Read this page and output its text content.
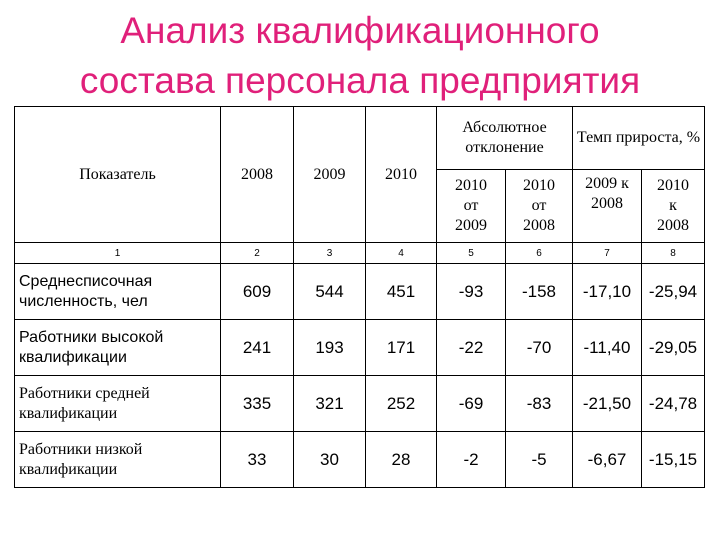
Анализ квалификационного
состава персонала предприятия
Показатель	2008	2009	2010	Абсолютное отклонение		Темп прироста, %	

				2010 от 2009	2010 от 2008	2009 к 2008	2010 к 2008

1	2	3	4	5	6	7	8
Среднесписочная численность, чел	609	544	451	-93	-158	-17,10	-25,94
Работники высокой квалификации	241	193	171	-22	-70	-11,40	-29,05
Работники средней квалификации	335	321	252	-69	-83	-21,50	-24,78
Работники низкой квалификации	33	30	28	-2	-5	-6,67	-15,15
